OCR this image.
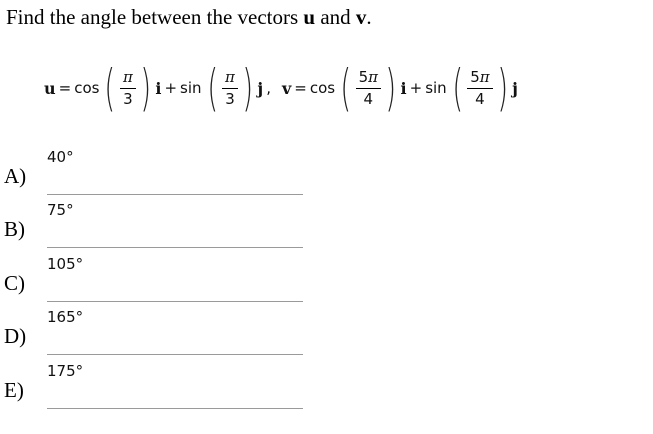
Find the angle between the vectors u and v.

u = cos ( $\frac{\pi}{3}$ ) i + sin ( $\frac{\pi}{3}$ ) j , v = cos ( $\frac{5\pi}{4}$ ) i + sin ( $\frac{5\pi}{4}$ ) j
A)
40°
B)
75°
C)
105°
D)
165°
E)
175°
